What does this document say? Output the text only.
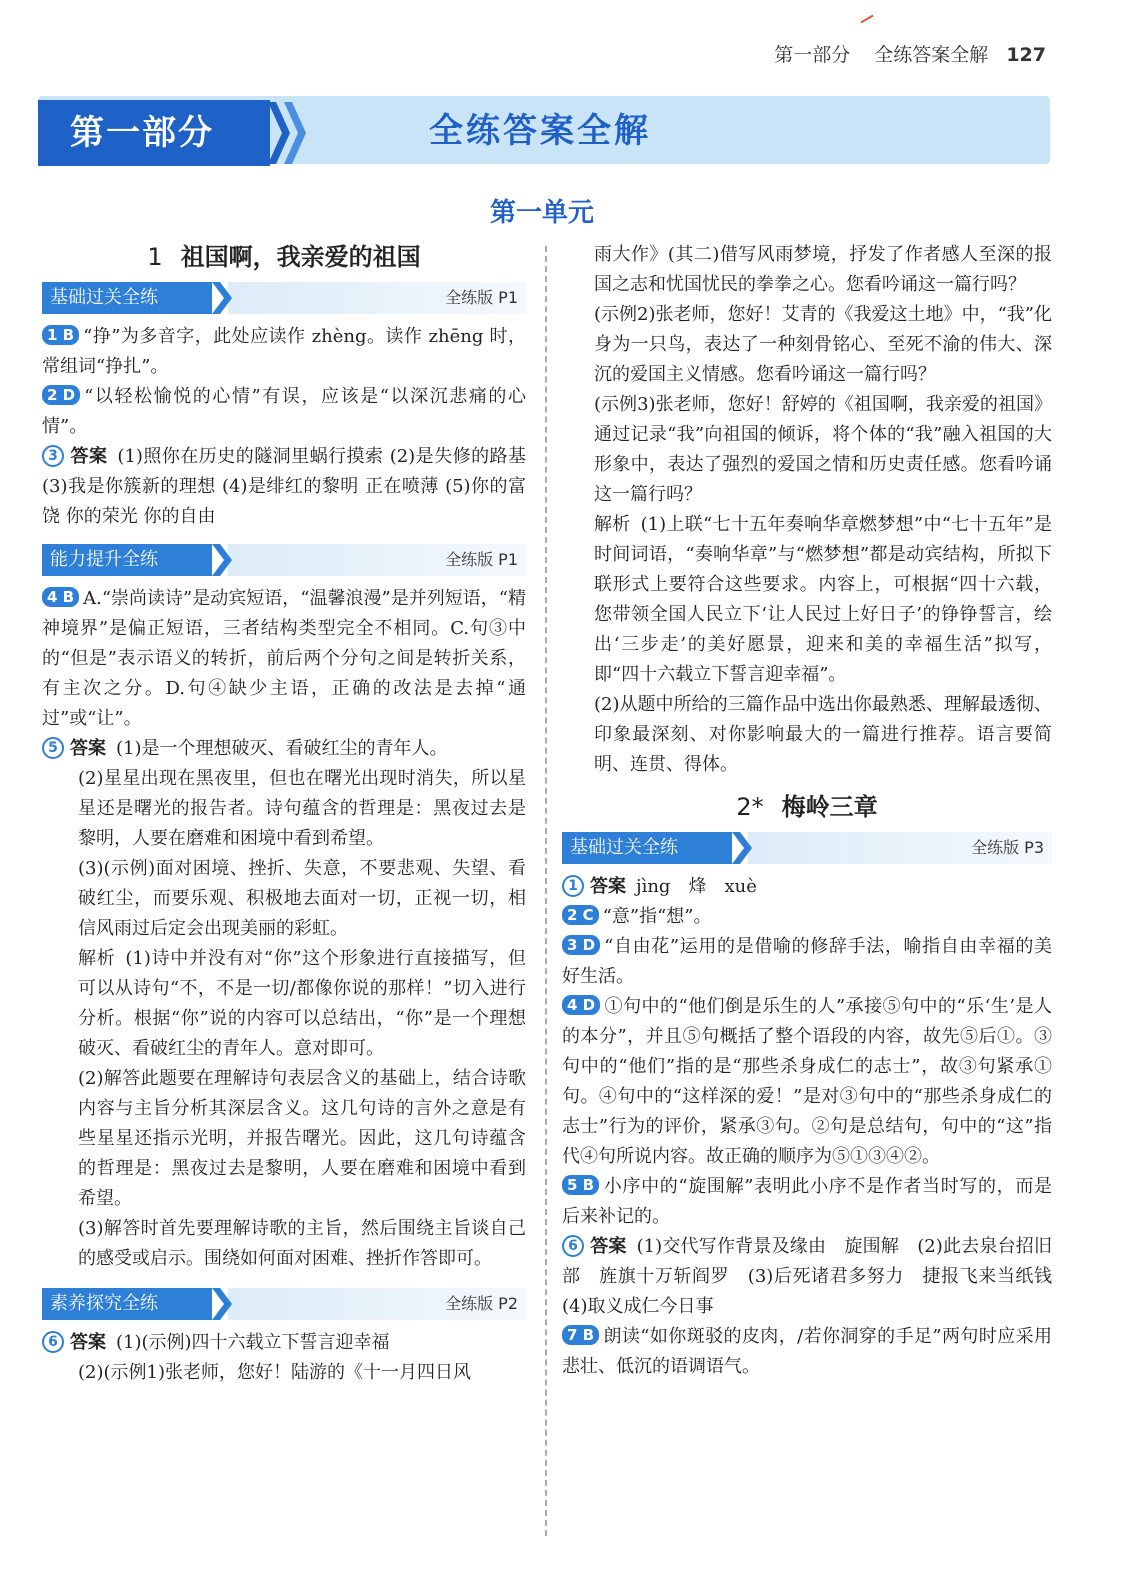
第一部分 全练答案全解 127
第一部分	全练答案全解
第一单元
1 祖国啊，我亲爱的祖国
基础过关全练	全练版 P1
1 B “挣”为多音字，此处应读作 zhèng。读作 zhēng 时，常组词“挣扎”。
2 D “以轻松愉悦的心情”有误，应该是“以深沉悲痛的心情”。
3 答案 (1)照你在历史的隧洞里蜗行摸索 (2)是失修的路基 (3)我是你簇新的理想 (4)是绯红的黎明 正在喷薄 (5)你的富饶 你的荣光 你的自由
能力提升全练	全练版 P1
4 B A.“崇尚读诗”是动宾短语，“温馨浪漫”是并列短语，“精神境界”是偏正短语，三者结构类型完全不相同。C.句③中的“但是”表示语义的转折，前后两个分句之间是转折关系，有主次之分。D.句④缺少主语，正确的改法是去掉“通过”或“让”。
5 答案 (1)是一个理想破灭、看破红尘的青年人。
(2)星星出现在黑夜里，但也在曙光出现时消失，所以星星还是曙光的报告者。诗句蕴含的哲理是：黑夜过去是黎明，人要在磨难和困境中看到希望。
(3)(示例)面对困境、挫折、失意，不要悲观、失望、看破红尘，而要乐观、积极地去面对一切，正视一切，相信风雨过后定会出现美丽的彩虹。
解析 (1)诗中并没有对“你”这个形象进行直接描写，但可以从诗句“不，不是一切/都像你说的那样！”切入进行分析。根据“你”说的内容可以总结出，“你”是一个理想破灭、看破红尘的青年人。意对即可。
(2)解答此题要在理解诗句表层含义的基础上，结合诗歌内容与主旨分析其深层含义。这几句诗的言外之意是有些星星还指示光明，并报告曙光。因此，这几句诗蕴含的哲理是：黑夜过去是黎明，人要在磨难和困境中看到希望。
(3)解答时首先要理解诗歌的主旨，然后围绕主旨谈自己的感受或启示。围绕如何面对困难、挫折作答即可。
素养探究全练	全练版 P2
6 答案 (1)(示例)四十六载立下誓言迎幸福
(2)(示例1)张老师，您好！陆游的《十一月四日风
雨大作》(其二)借写风雨梦境，抒发了作者感人至深的报国之志和忧国忧民的拳拳之心。您看吟诵这一篇行吗？
(示例2)张老师，您好！艾青的《我爱这土地》中，“我”化身为一只鸟，表达了一种刻骨铭心、至死不渝的伟大、深沉的爱国主义情感。您看吟诵这一篇行吗？
(示例3)张老师，您好！舒婷的《祖国啊，我亲爱的祖国》通过记录“我”向祖国的倾诉，将个体的“我”融入祖国的大形象中，表达了强烈的爱国之情和历史责任感。您看吟诵这一篇行吗？
解析 (1)上联“七十五年奏响华章燃梦想”中“七十五年”是时间词语，“奏响华章”与“燃梦想”都是动宾结构，所拟下联形式上要符合这些要求。内容上，可根据“四十六载，您带领全国人民立下‘让人民过上好日子’的铮铮誓言，绘出‘三步走’的美好愿景，迎来和美的幸福生活”拟写，即“四十六载立下誓言迎幸福”。
(2)从题中所给的三篇作品中选出你最熟悉、理解最透彻、印象最深刻、对你影响最大的一篇进行推荐。语言要简明、连贯、得体。
2* 梅岭三章
基础过关全练	全练版 P3
1 答案 jìng　烽　xuè
2 C “意”指“想”。
3 D “自由花”运用的是借喻的修辞手法，喻指自由幸福的美好生活。
4 D ①句中的“他们倒是乐生的人”承接⑤句中的“乐‘生’是人的本分”，并且⑤句概括了整个语段的内容，故先⑤后①。③句中的“他们”指的是“那些杀身成仁的志士”，故③句紧承①句。④句中的“这样深的爱！”是对③句中的“那些杀身成仁的志士”行为的评价，紧承③句。②句是总结句，句中的“这”指代④句所说内容。故正确的顺序为⑤①③④②。
5 B 小序中的“旋围解”表明此小序不是作者当时写的，而是后来补记的。
6 答案 (1)交代写作背景及缘由　旋围解　(2)此去泉台招旧部　旌旗十万斩阎罗　(3)后死诸君多努力　捷报飞来当纸钱　(4)取义成仁今日事
7 B 朗读“如你斑驳的皮肉，/若你洞穿的手足”两句时应采用悲壮、低沉的语调语气。
